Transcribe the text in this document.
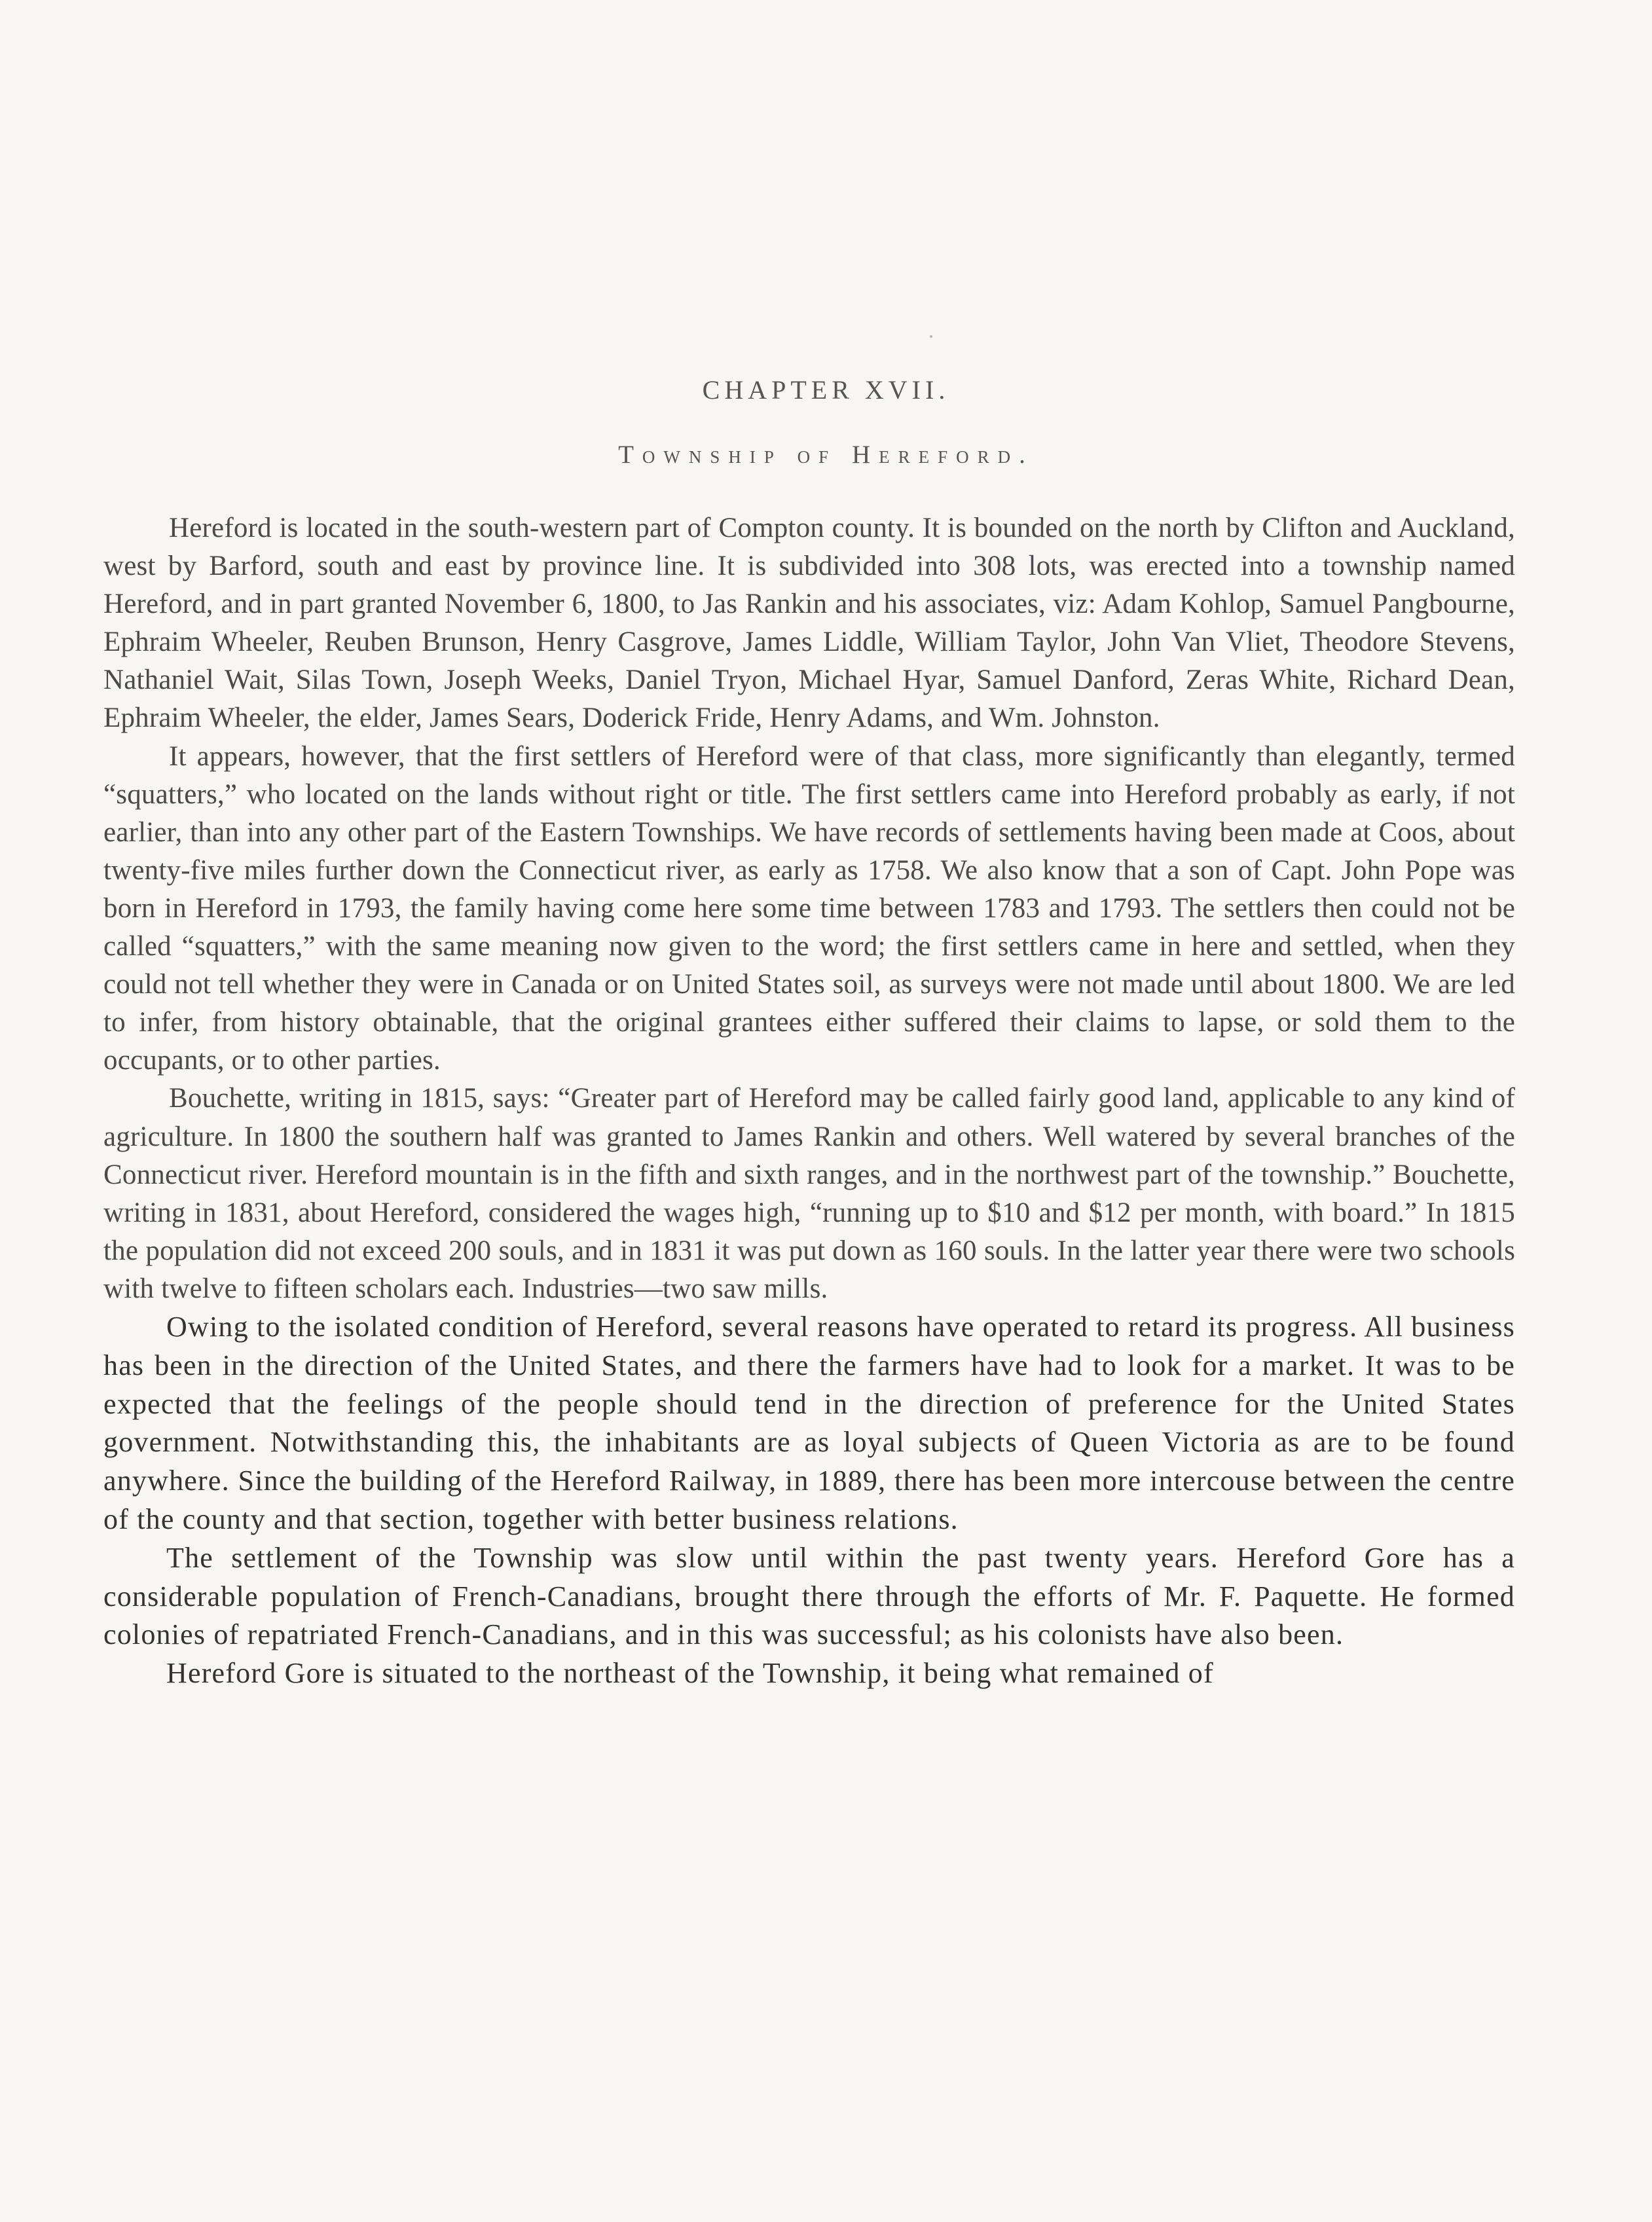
CHAPTER XVII.
Township of Hereford.

Hereford is located in the south-western part of Compton county. It is bounded on the north by Clifton and Auckland, west by Barford, south and east by province line. It is subdivided into 308 lots, was erected into a township named Hereford, and in part granted November 6, 1800, to Jas Rankin and his associates, viz: Adam Kohlop, Samuel Pangbourne, Ephraim Wheeler, Reuben Brunson, Henry Casgrove, James Liddle, William Taylor, John Van Vliet, Theodore Stevens, Nathaniel Wait, Silas Town, Joseph Weeks, Daniel Tryon, Michael Hyar, Samuel Danford, Zeras White, Richard Dean, Ephraim Wheeler, the elder, James Sears, Doderick Fride, Henry Adams, and Wm. Johnston.

It appears, however, that the first settlers of Hereford were of that class, more significantly than elegantly, termed “squatters,” who located on the lands without right or title. The first settlers came into Hereford probably as early, if not earlier, than into any other part of the Eastern Townships. We have records of settlements having been made at Coos, about twenty-five miles further down the Connecticut river, as early as 1758. We also know that a son of Capt. John Pope was born in Hereford in 1793, the family having come here some time between 1783 and 1793. The settlers then could not be called “squatters,” with the same meaning now given to the word; the first settlers came in here and settled, when they could not tell whether they were in Canada or on United States soil, as surveys were not made until about 1800. We are led to infer, from history obtainable, that the original grantees either suffered their claims to lapse, or sold them to the occupants, or to other parties.

Bouchette, writing in 1815, says: “Greater part of Hereford may be called fairly good land, applicable to any kind of agriculture. In 1800 the southern half was granted to James Rankin and others. Well watered by several branches of the Connecticut river. Hereford mountain is in the fifth and sixth ranges, and in the northwest part of the township.” Bouchette, writing in 1831, about Hereford, considered the wages high, “running up to $10 and $12 per month, with board.” In 1815 the population did not exceed 200 souls, and in 1831 it was put down as 160 souls. In the latter year there were two schools with twelve to fifteen scholars each. Industries—two saw mills.

Owing to the isolated condition of Hereford, several reasons have operated to retard its progress. All business has been in the direction of the United States, and there the farmers have had to look for a market. It was to be expected that the feelings of the people should tend in the direction of preference for the United States government. Notwithstanding this, the inhabitants are as loyal subjects of Queen Victoria as are to be found anywhere. Since the building of the Hereford Railway, in 1889, there has been more intercouse between the centre of the county and that section, together with better business relations.

The settlement of the Township was slow until within the past twenty years. Hereford Gore has a considerable population of French-Canadians, brought there through the efforts of Mr. F. Paquette. He formed colonies of repatriated French-Canadians, and in this was successful; as his colonists have also been.

Hereford Gore is situated to the northeast of the Township, it being what remained of
